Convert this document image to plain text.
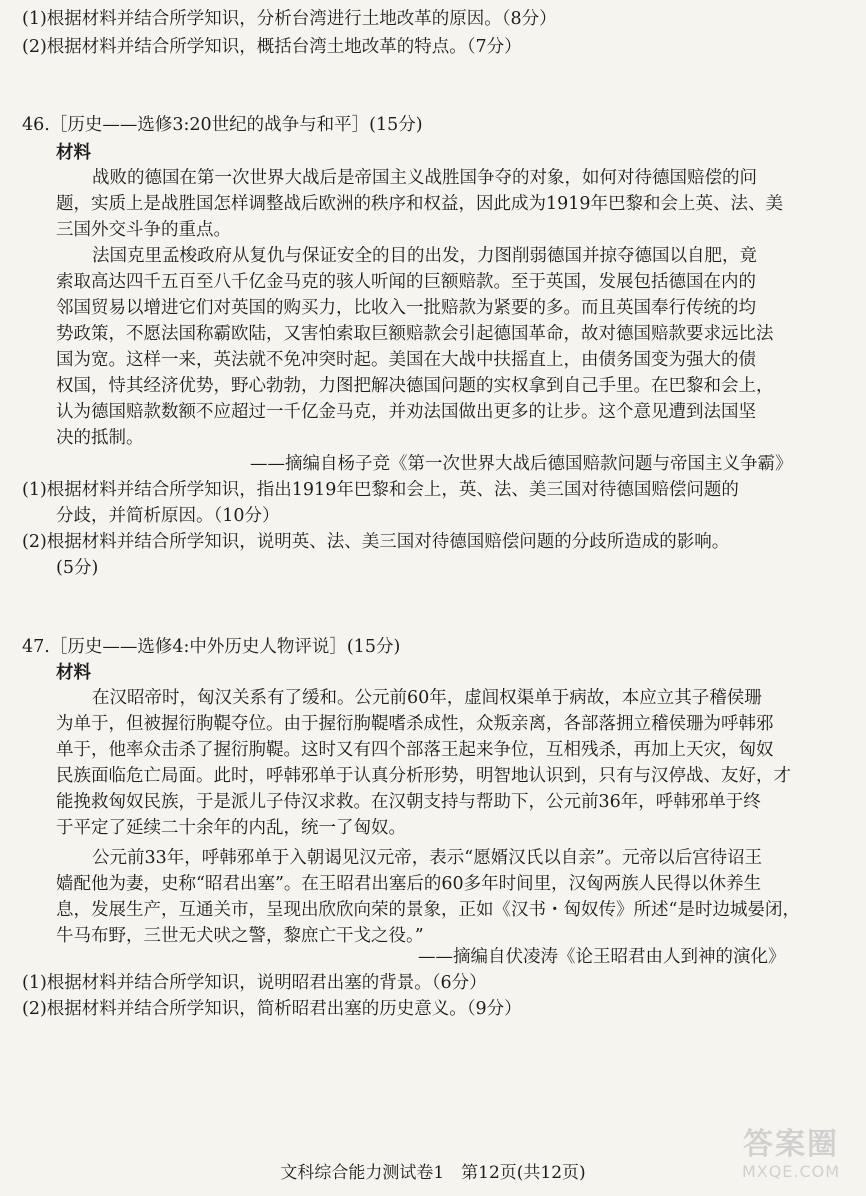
(1)根据材料并结合所学知识，分析台湾进行土地改革的原因。（8分）
(2)根据材料并结合所学知识，概括台湾土地改革的特点。（7分）
46.［历史——选修3:20世纪的战争与和平］(15分)
材料
战败的德国在第一次世界大战后是帝国主义战胜国争夺的对象，如何对待德国赔偿的问
题，实质上是战胜国怎样调整战后欧洲的秩序和权益，因此成为1919年巴黎和会上英、法、美
三国外交斗争的重点。
法国克里孟梭政府从复仇与保证安全的目的出发，力图削弱德国并掠夺德国以自肥，竟
索取高达四千五百至八千亿金马克的骇人听闻的巨额赔款。至于英国，发展包括德国在内的
邻国贸易以增进它们对英国的购买力，比收入一批赔款为紧要的多。而且英国奉行传统的均
势政策，不愿法国称霸欧陆，又害怕索取巨额赔款会引起德国革命，故对德国赔款要求远比法
国为宽。这样一来，英法就不免冲突时起。美国在大战中扶摇直上，由债务国变为强大的债
权国，恃其经济优势，野心勃勃，力图把解决德国问题的实权拿到自己手里。在巴黎和会上，
认为德国赔款数额不应超过一千亿金马克，并劝法国做出更多的让步。这个意见遭到法国坚
决的抵制。
——摘编自杨子竞《第一次世界大战后德国赔款问题与帝国主义争霸》
(1)根据材料并结合所学知识，指出1919年巴黎和会上，英、法、美三国对待德国赔偿问题的
分歧，并简析原因。（10分）
(2)根据材料并结合所学知识，说明英、法、美三国对待德国赔偿问题的分歧所造成的影响。
(5分)
47.［历史——选修4:中外历史人物评说］(15分)
材料
在汉昭帝时，匈汉关系有了缓和。公元前60年，虚闾权渠单于病故，本应立其子稽侯珊
为单于，但被握衍朐鞮夺位。由于握衍朐鞮嗜杀成性，众叛亲离，各部落拥立稽侯珊为呼韩邪
单于，他率众击杀了握衍朐鞮。这时又有四个部落王起来争位，互相残杀，再加上天灾，匈奴
民族面临危亡局面。此时，呼韩邪单于认真分析形势，明智地认识到，只有与汉停战、友好，才
能挽救匈奴民族，于是派儿子侍汉求救。在汉朝支持与帮助下，公元前36年，呼韩邪单于终
于平定了延续二十余年的内乱，统一了匈奴。
公元前33年，呼韩邪单于入朝谒见汉元帝，表示“愿婿汉氏以自亲”。元帝以后宫待诏王
嫱配他为妻，史称“昭君出塞”。在王昭君出塞后的60多年时间里，汉匈两族人民得以休养生
息，发展生产，互通关市，呈现出欣欣向荣的景象，正如《汉书・匈奴传》所述“是时边城晏闭，
牛马布野，三世无犬吠之警，黎庶亡干戈之役。”
——摘编自伏凌涛《论王昭君由人到神的演化》
(1)根据材料并结合所学知识，说明昭君出塞的背景。（6分）
(2)根据材料并结合所学知识，简析昭君出塞的历史意义。（9分）
文科综合能力测试卷1　第12页(共12页)
答案圈
MXQE.COM
